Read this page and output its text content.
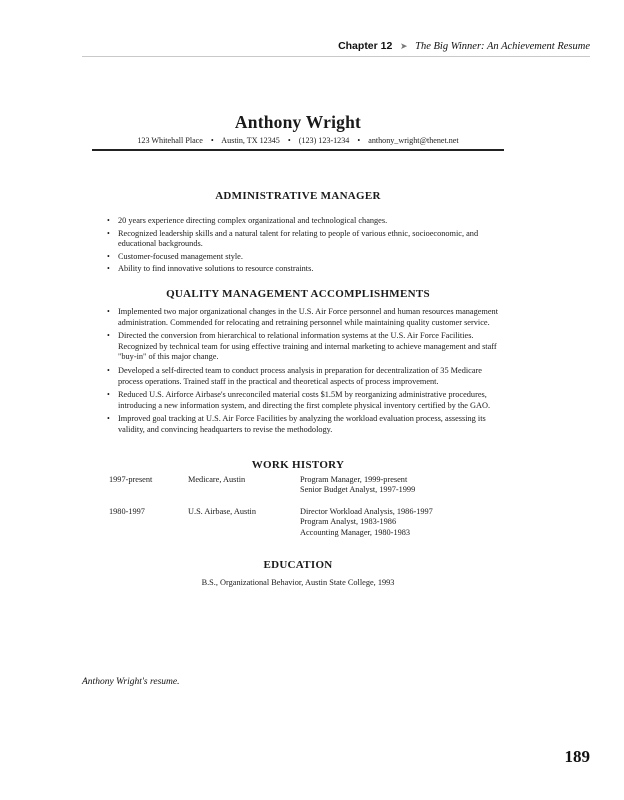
Chapter 12 ➤ The Big Winner: An Achievement Resume
Anthony Wright
123 Whitehall Place • Austin, TX 12345 • (123) 123-1234 • anthony_wright@thenet.net
ADMINISTRATIVE MANAGER
• 20 years experience directing complex organizational and technological changes.
• Recognized leadership skills and a natural talent for relating to people of various ethnic, socioeconomic, and educational backgrounds.
• Customer-focused management style.
• Ability to find innovative solutions to resource constraints.
QUALITY MANAGEMENT ACCOMPLISHMENTS
• Implemented two major organizational changes in the U.S. Air Force personnel and human resources management administration. Commended for relocating and retraining personnel while maintaining quality customer service.
• Directed the conversion from hierarchical to relational information systems at the U.S. Air Force Facilities. Recognized by technical team for using effective training and internal marketing to achieve management and staff "buy-in" of this major change.
• Developed a self-directed team to conduct process analysis in preparation for decentralization of 35 Medicare process operations. Trained staff in the practical and theoretical aspects of process improvement.
• Reduced U.S. Airforce Airbase's unreconciled material costs $1.5M by reorganizing administrative procedures, introducing a new information system, and directing the first complete physical inventory certified by the GAO.
• Improved goal tracking at U.S. Air Force Facilities by analyzing the workload evaluation process, assessing its validity, and convincing headquarters to revise the methodology.
WORK HISTORY
1997-present	Medicare, Austin	Program Manager, 1999-present
Senior Budget Analyst, 1997-1999
1980-1997	U.S. Airbase, Austin	Director Workload Analysis, 1986-1997
Program Analyst, 1983-1986
Accounting Manager, 1980-1983
EDUCATION
B.S., Organizational Behavior, Austin State College, 1993
Anthony Wright's resume.
189
